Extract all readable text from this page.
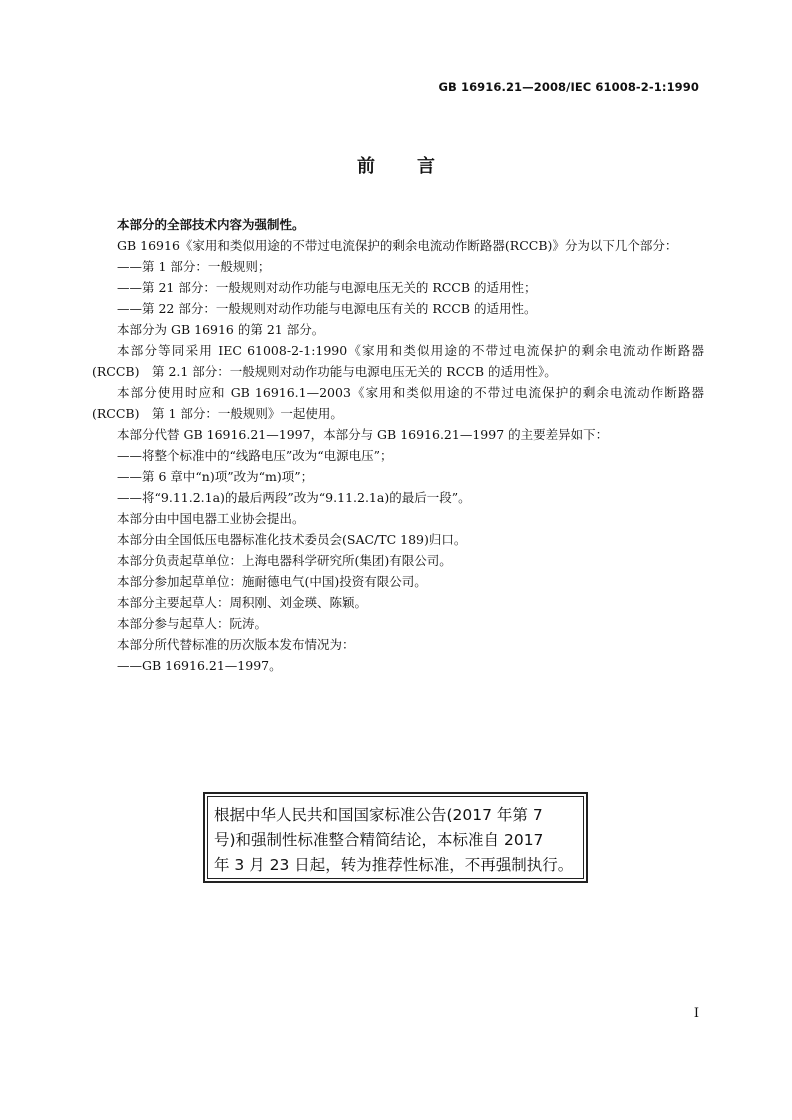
GB 16916.21—2008/IEC 61008-2-1:1990
前 言

本部分的全部技术内容为强制性。

GB 16916《家用和类似用途的不带过电流保护的剩余电流动作断路器(RCCB)》分为以下几个部分：

——第 1 部分：一般规则；

——第 21 部分：一般规则对动作功能与电源电压无关的 RCCB 的适用性；

——第 22 部分：一般规则对动作功能与电源电压有关的 RCCB 的适用性。

本部分为 GB 16916 的第 21 部分。

本部分等同采用 IEC 61008-2-1:1990《家用和类似用途的不带过电流保护的剩余电流动作断路器(RCCB)　第 2.1 部分：一般规则对动作功能与电源电压无关的 RCCB 的适用性》。

本部分使用时应和 GB 16916.1—2003《家用和类似用途的不带过电流保护的剩余电流动作断路器(RCCB)　第 1 部分：一般规则》一起使用。

本部分代替 GB 16916.21—1997，本部分与 GB 16916.21—1997 的主要差异如下：

——将整个标准中的“线路电压”改为“电源电压”；

——第 6 章中“n)项”改为“m)项”；

——将“9.11.2.1a)的最后两段”改为“9.11.2.1a)的最后一段”。

本部分由中国电器工业协会提出。

本部分由全国低压电器标准化技术委员会(SAC/TC 189)归口。

本部分负责起草单位：上海电器科学研究所(集团)有限公司。

本部分参加起草单位：施耐德电气(中国)投资有限公司。

本部分主要起草人：周积刚、刘金瑛、陈颖。

本部分参与起草人：阮涛。

本部分所代替标准的历次版本发布情况为：

——GB 16916.21—1997。

根据中华人民共和国国家标准公告(2017 年第 7
号)和强制性标准整合精简结论，本标准自 2017
年 3 月 23 日起，转为推荐性标准，不再强制执行。
I
